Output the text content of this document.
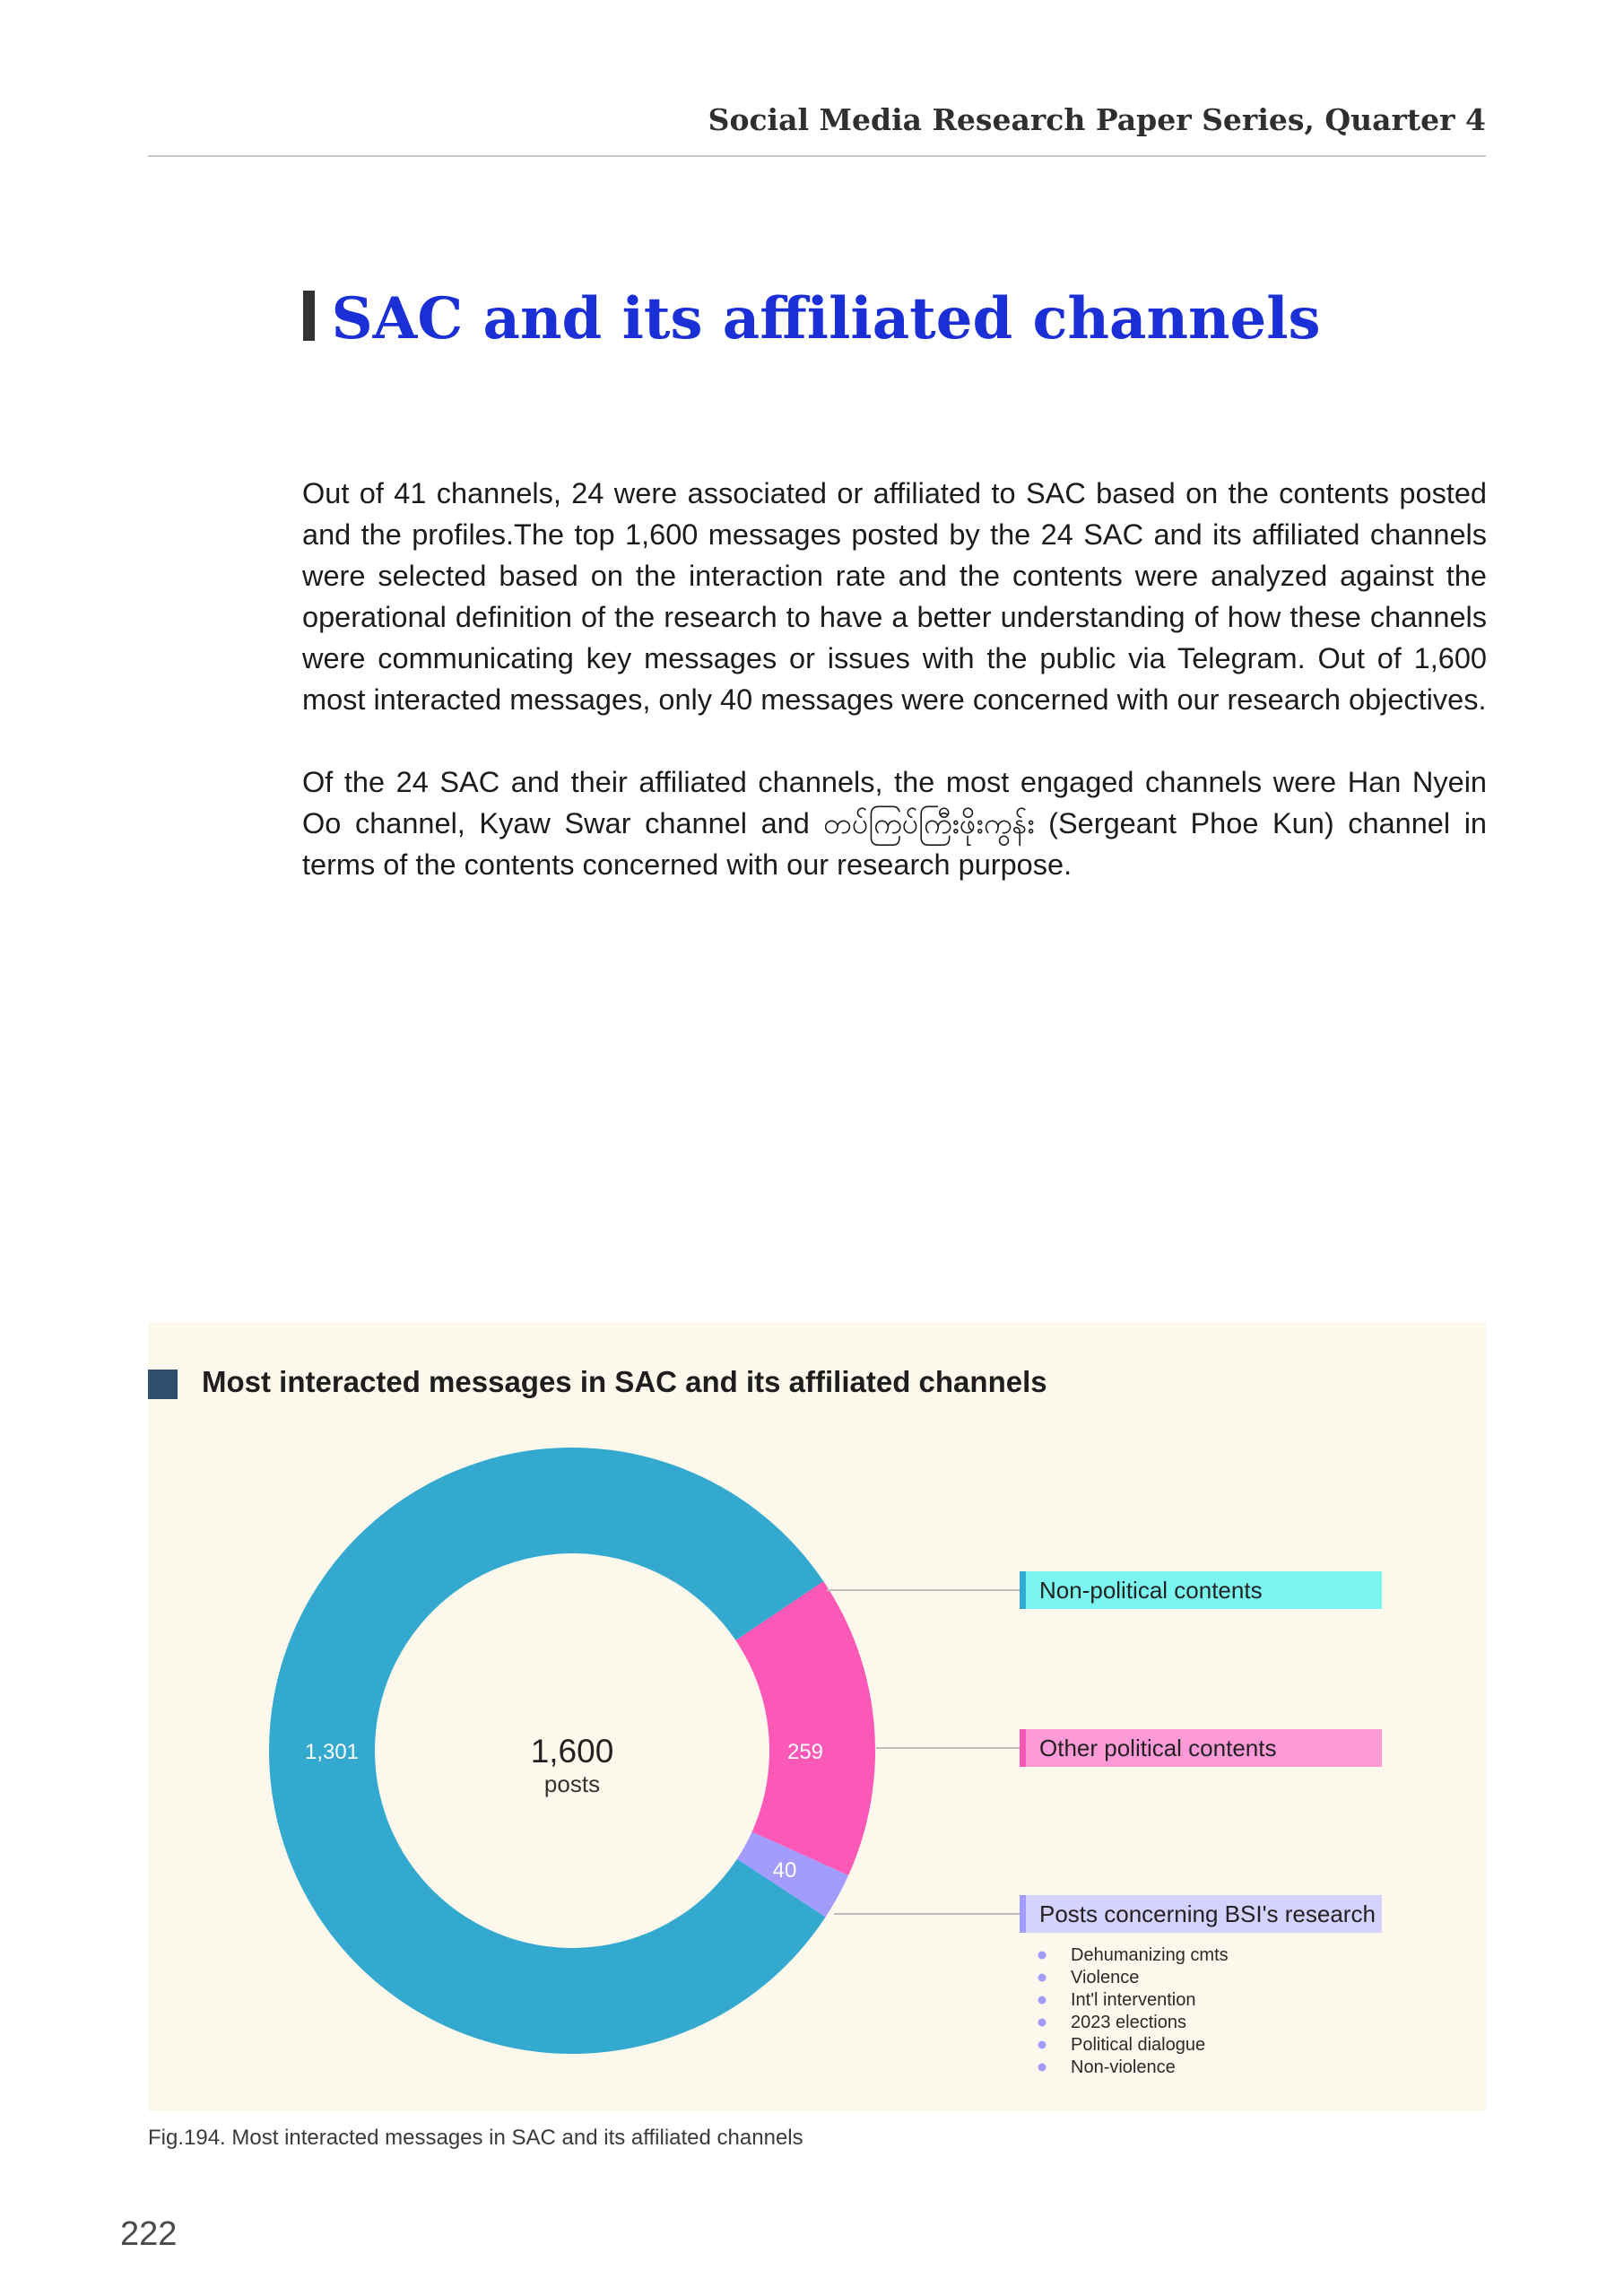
Social Media Research Paper Series, Quarter 4
SAC and its affiliated channels

Out of 41 channels, 24 were associated or affiliated to SAC based on the contents posted and the profiles.The top 1,600 messages posted by the 24 SAC and its affiliated channels were selected based on the interaction rate and the contents were analyzed against the operational definition of the research to have a better understanding of how these channels were communicating key messages or issues with the public via Telegram. Out of 1,600 most interacted messages, only 40 messages were concerned with our research objectives.

Of the 24 SAC and their affiliated channels, the most engaged channels were Han Nyein Oo channel, Kyaw Swar channel and တပ်ကြပ်ကြီးဖိုးကွန်း (Sergeant Phoe Kun) channel in terms of the contents concerned with our research purpose.

Most interacted messages in SAC and its affiliated channels
1,301	259
40
1,600
posts
Non-political contents
Other political contents
Posts concerning BSI's research
Dehumanizing cmts
Violence
Int'l intervention
2023 elections
Political dialogue
Non-violence
Fig.194. Most interacted messages in SAC and its affiliated channels
222
